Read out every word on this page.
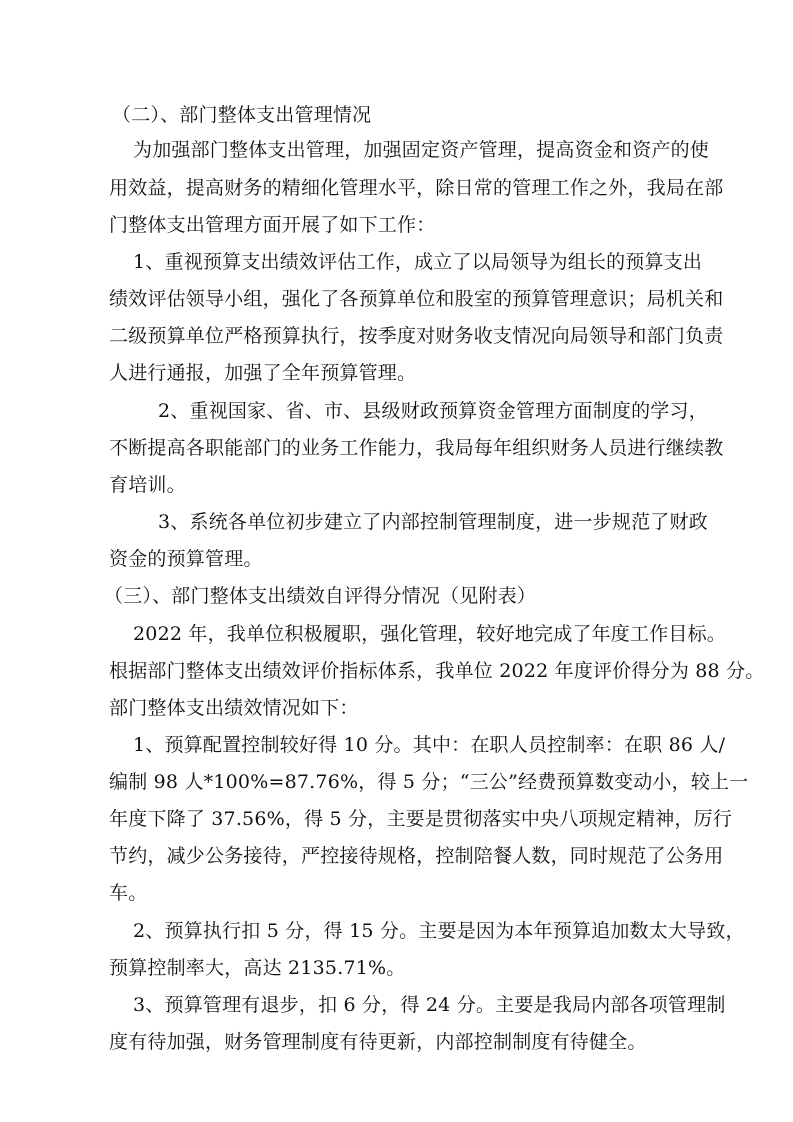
（二）、部门整体支出管理情况
为加强部门整体支出管理，加强固定资产管理，提高资金和资产的使
用效益，提高财务的精细化管理水平，除日常的管理工作之外，我局在部
门整体支出管理方面开展了如下工作：
1、重视预算支出绩效评估工作，成立了以局领导为组长的预算支出
绩效评估领导小组，强化了各预算单位和股室的预算管理意识；局机关和
二级预算单位严格预算执行，按季度对财务收支情况向局领导和部门负责
人进行通报，加强了全年预算管理。
2、重视国家、省、市、县级财政预算资金管理方面制度的学习，
不断提高各职能部门的业务工作能力，我局每年组织财务人员进行继续教
育培训。
3、系统各单位初步建立了内部控制管理制度，进一步规范了财政
资金的预算管理。
（三）、部门整体支出绩效自评得分情况（见附表）
2022 年，我单位积极履职，强化管理，较好地完成了年度工作目标。
根据部门整体支出绩效评价指标体系，我单位 2022 年度评价得分为 88 分。
部门整体支出绩效情况如下：
1、预算配置控制较好得 10 分。其中：在职人员控制率：在职 86 人/
编制 98 人*100%=87.76%，得 5 分；“三公”经费预算数变动小，较上一
年度下降了 37.56%，得 5 分，主要是贯彻落实中央八项规定精神，厉行
节约，减少公务接待，严控接待规格，控制陪餐人数，同时规范了公务用
车。
2、预算执行扣 5 分，得 15 分。主要是因为本年预算追加数太大导致，
预算控制率大，高达 2135.71%。
3、预算管理有退步，扣 6 分，得 24 分。主要是我局内部各项管理制
度有待加强，财务管理制度有待更新，内部控制制度有待健全。
